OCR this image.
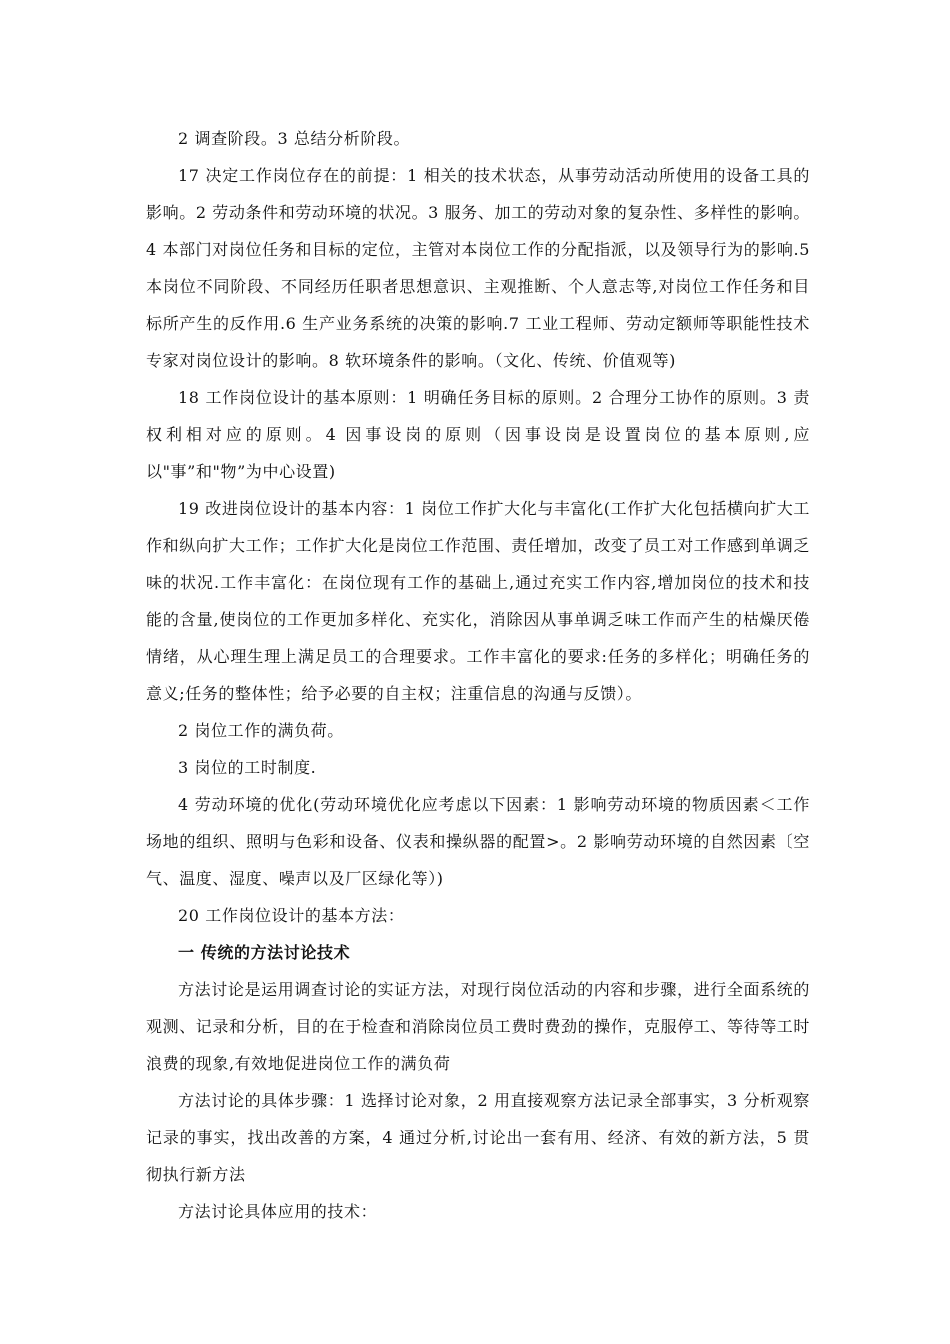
2 调查阶段。3 总结分析阶段。

17 决定工作岗位存在的前提：1 相关的技术状态，从事劳动活动所使用的设备工具的影响。2 劳动条件和劳动环境的状况。3 服务、加工的劳动对象的复杂性、多样性的影响。4 本部门对岗位任务和目标的定位，主管对本岗位工作的分配指派，以及领导行为的影响.5 本岗位不同阶段、不同经历任职者思想意识、主观推断、个人意志等,对岗位工作任务和目标所产生的反作用.6 生产业务系统的决策的影响.7 工业工程师、劳动定额师等职能性技术专家对岗位设计的影响。8 软环境条件的影响。（文化、传统、价值观等)

18 工作岗位设计的基本原则：1 明确任务目标的原则。2 合理分工协作的原则。3 责权利相对应的原则。4 因事设岗的原则（因事设岗是设置岗位的基本原则,应以"事”和"物”为中心设置)

19 改进岗位设计的基本内容：1 岗位工作扩大化与丰富化(工作扩大化包括横向扩大工作和纵向扩大工作；工作扩大化是岗位工作范围、责任增加，改变了员工对工作感到单调乏味的状况.工作丰富化：在岗位现有工作的基础上,通过充实工作内容,增加岗位的技术和技能的含量,使岗位的工作更加多样化、充实化，消除因从事单调乏味工作而产生的枯燥厌倦情绪，从心理生理上满足员工的合理要求。工作丰富化的要求:任务的多样化；明确任务的意义;任务的整体性；给予必要的自主权；注重信息的沟通与反馈）。

2 岗位工作的满负荷。

3 岗位的工时制度.

4 劳动环境的优化(劳动环境优化应考虑以下因素：1 影响劳动环境的物质因素＜工作场地的组织、照明与色彩和设备、仪表和操纵器的配置>。2 影响劳动环境的自然因素〔空气、温度、湿度、噪声以及厂区绿化等）)

20 工作岗位设计的基本方法：

一 传统的方法讨论技术

方法讨论是运用调查讨论的实证方法，对现行岗位活动的内容和步骤，进行全面系统的观测、记录和分析，目的在于检查和消除岗位员工费时费劲的操作，克服停工、等待等工时浪费的现象,有效地促进岗位工作的满负荷

方法讨论的具体步骤：1 选择讨论对象，2 用直接观察方法记录全部事实，3 分析观察记录的事实，找出改善的方案，4 通过分析,讨论出一套有用、经济、有效的新方法，5 贯彻执行新方法

方法讨论具体应用的技术：
